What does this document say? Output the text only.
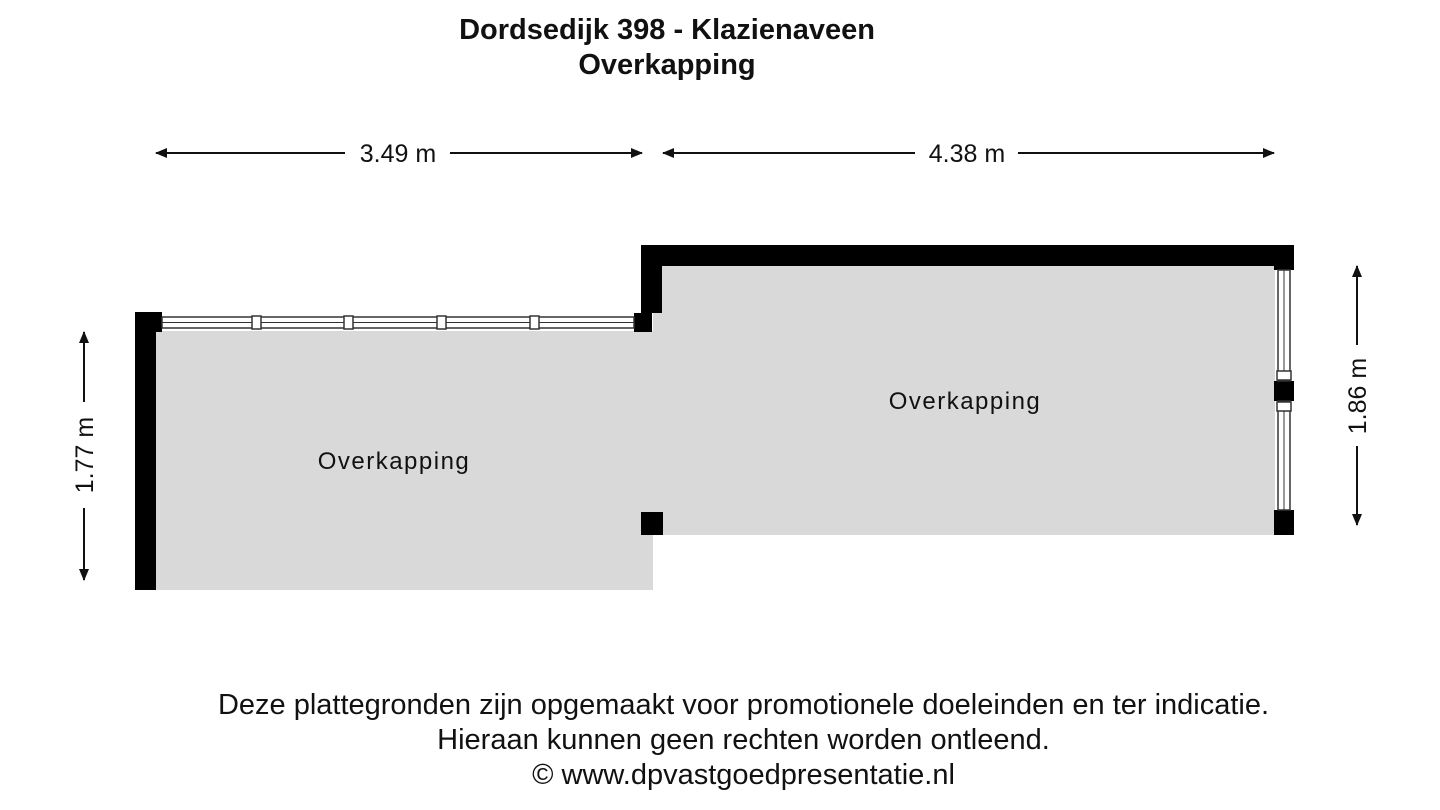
Dordsedijk 398 - Klazienaveen
Overkapping
3.49 m	4.38 m
1.77 m
1.86 m
Overkapping
Overkapping
Deze plattegronden zijn opgemaakt voor promotionele doeleinden en ter indicatie.
Hieraan kunnen geen rechten worden ontleend.
© www.dpvastgoedpresentatie.nl
